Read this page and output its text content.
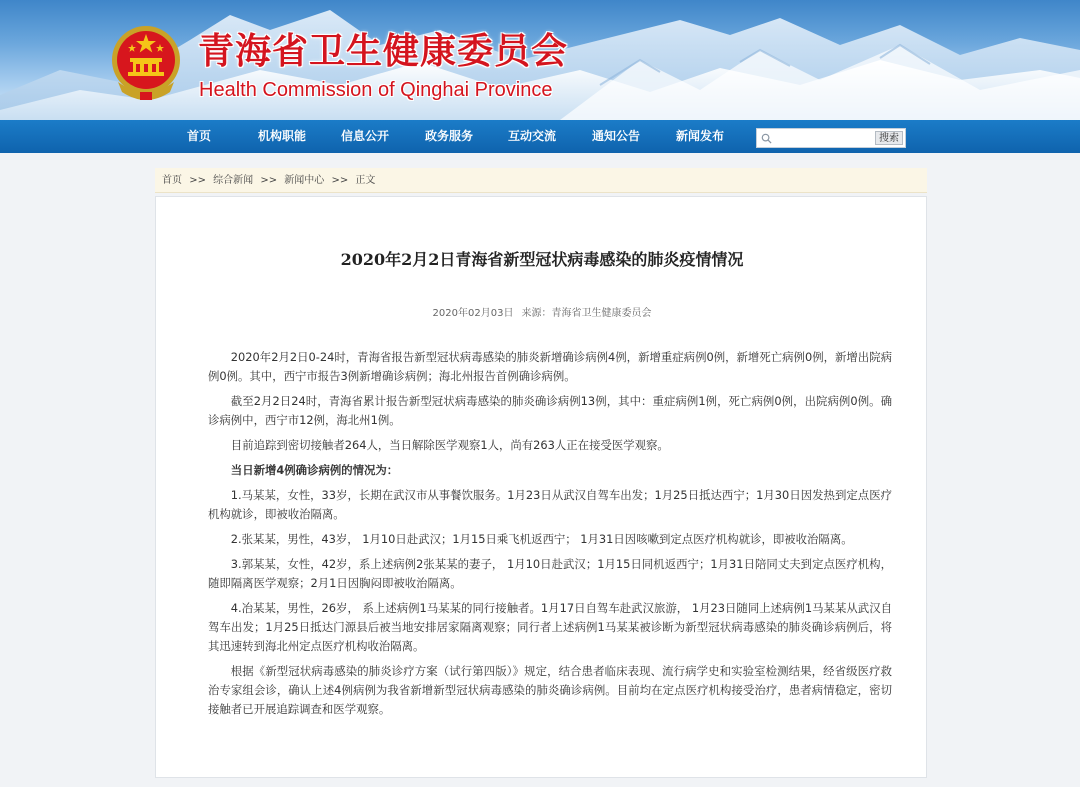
青海省卫生健康委员会
Health Commission of Qinghai Province
首页	机构职能	信息公开	政务服务	互动交流	通知公告	新闻发布	搜索
首页 >> 综合新闻 >> 新闻中心 >> 正文
2020年2月2日青海省新型冠状病毒感染的肺炎疫情情况
2020年02月03日 来源：青海省卫生健康委员会

2020年2月2日0-24时，青海省报告新型冠状病毒感染的肺炎新增确诊病例4例，新增重症病例0例，新增死亡病例0例，新增出院病例0例。其中，西宁市报告3例新增确诊病例；海北州报告首例确诊病例。

截至2月2日24时，青海省累计报告新型冠状病毒感染的肺炎确诊病例13例，其中：重症病例1例，死亡病例0例，出院病例0例。确诊病例中，西宁市12例，海北州1例。

目前追踪到密切接触者264人，当日解除医学观察1人，尚有263人正在接受医学观察。

当日新增4例确诊病例的情况为：

1.马某某，女性，33岁，长期在武汉市从事餐饮服务。1月23日从武汉自驾车出发；1月25日抵达西宁；1月30日因发热到定点医疗机构就诊，即被收治隔离。

2.张某某，男性，43岁， 1月10日赴武汉；1月15日乘飞机返西宁； 1月31日因咳嗽到定点医疗机构就诊，即被收治隔离。

3.郭某某，女性，42岁，系上述病例2张某某的妻子， 1月10日赴武汉；1月15日同机返西宁；1月31日陪同丈夫到定点医疗机构，随即隔离医学观察；2月1日因胸闷即被收治隔离。

4.冶某某，男性，26岁， 系上述病例1马某某的同行接触者。1月17日自驾车赴武汉旅游， 1月23日随同上述病例1马某某从武汉自驾车出发；1月25日抵达门源县后被当地安排居家隔离观察；同行者上述病例1马某某被诊断为新型冠状病毒感染的肺炎确诊病例后，将其迅速转到海北州定点医疗机构收治隔离。

根据《新型冠状病毒感染的肺炎诊疗方案（试行第四版）》规定，结合患者临床表现、流行病学史和实验室检测结果，经省级医疗救治专家组会诊，确认上述4例病例为我省新增新型冠状病毒感染的肺炎确诊病例。目前均在定点医疗机构接受治疗，患者病情稳定，密切接触者已开展追踪调查和医学观察。
